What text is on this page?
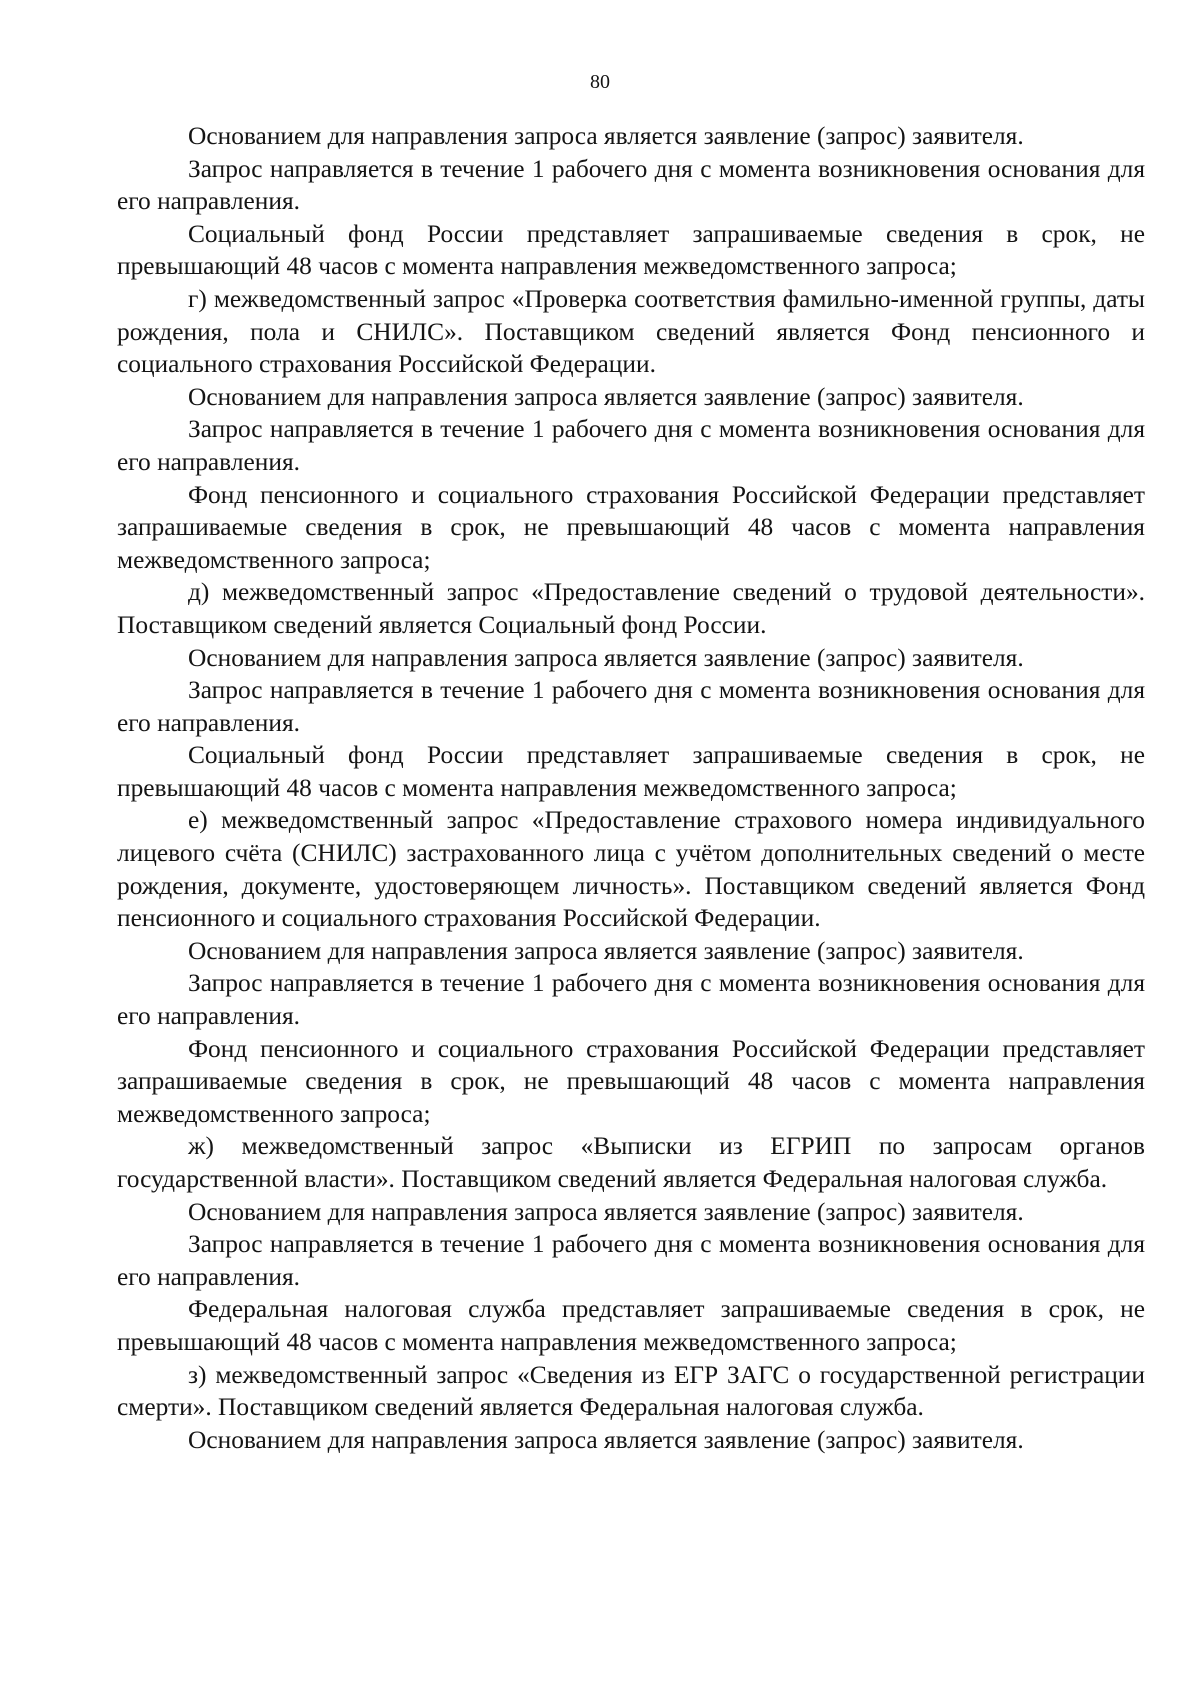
80

Основанием для направления запроса является заявление (запрос) заявителя.

Запрос направляется в течение 1 рабочего дня с момента возникновения основания для его направления.

Социальный фонд России представляет запрашиваемые сведения в срок, не превышающий 48 часов с момента направления межведомственного запроса;

г) межведомственный запрос «Проверка соответствия фамильно-именной группы, даты рождения, пола и СНИЛС». Поставщиком сведений является Фонд пенсионного и социального страхования Российской Федерации.

Основанием для направления запроса является заявление (запрос) заявителя.

Запрос направляется в течение 1 рабочего дня с момента возникновения основания для его направления.

Фонд пенсионного и социального страхования Российской Федерации представляет запрашиваемые сведения в срок, не превышающий 48 часов с момента направления межведомственного запроса;

д) межведомственный запрос «Предоставление сведений о трудовой деятельности». Поставщиком сведений является Социальный фонд России.

Основанием для направления запроса является заявление (запрос) заявителя.

Запрос направляется в течение 1 рабочего дня с момента возникновения основания для его направления.

Социальный фонд России представляет запрашиваемые сведения в срок, не превышающий 48 часов с момента направления межведомственного запроса;

е) межведомственный запрос «Предоставление страхового номера индивидуального лицевого счёта (СНИЛС) застрахованного лица с учётом дополнительных сведений о месте рождения, документе, удостоверяющем личность». Поставщиком сведений является Фонд пенсионного и социального страхования Российской Федерации.

Основанием для направления запроса является заявление (запрос) заявителя.

Запрос направляется в течение 1 рабочего дня с момента возникновения основания для его направления.

Фонд пенсионного и социального страхования Российской Федерации представляет запрашиваемые сведения в срок, не превышающий 48 часов с момента направления межведомственного запроса;

ж) межведомственный запрос «Выписки из ЕГРИП по запросам органов государственной власти». Поставщиком сведений является Федеральная налоговая служба.

Основанием для направления запроса является заявление (запрос) заявителя.

Запрос направляется в течение 1 рабочего дня с момента возникновения основания для его направления.

Федеральная налоговая служба представляет запрашиваемые сведения в срок, не превышающий 48 часов с момента направления межведомственного запроса;

з) межведомственный запрос «Сведения из ЕГР ЗАГС о государственной регистрации смерти». Поставщиком сведений является Федеральная налоговая служба.

Основанием для направления запроса является заявление (запрос) заявителя.
